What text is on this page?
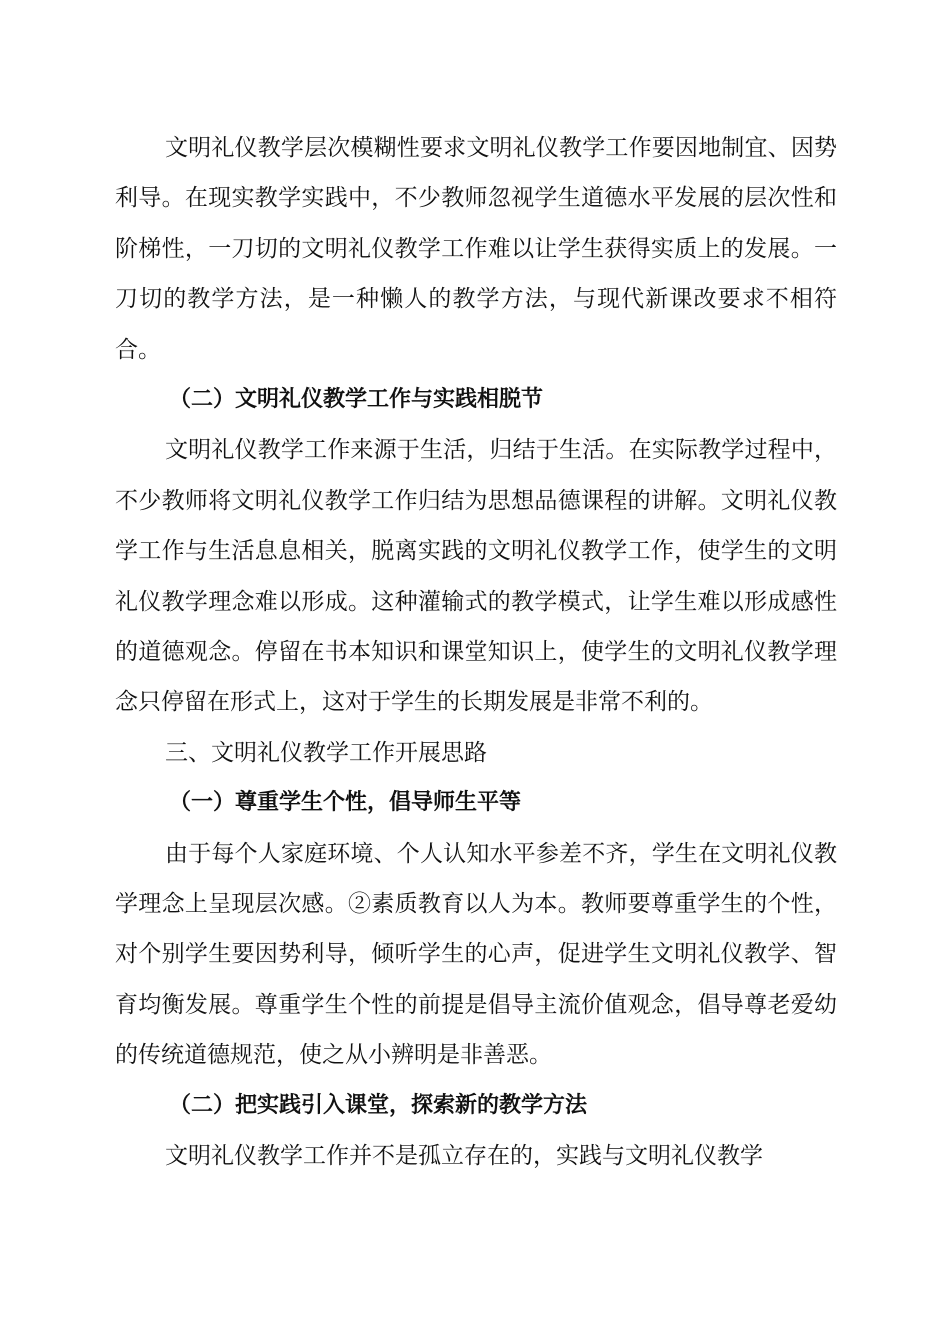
文明礼仪教学层次模糊性要求文明礼仪教学工作要因地制宜、因势利导。在现实教学实践中，不少教师忽视学生道德水平发展的层次性和阶梯性，一刀切的文明礼仪教学工作难以让学生获得实质上的发展。一刀切的教学方法，是一种懒人的教学方法，与现代新课改要求不相符合。

（二）文明礼仪教学工作与实践相脱节

文明礼仪教学工作来源于生活，归结于生活。在实际教学过程中，不少教师将文明礼仪教学工作归结为思想品德课程的讲解。文明礼仪教学工作与生活息息相关，脱离实践的文明礼仪教学工作，使学生的文明礼仪教学理念难以形成。这种灌输式的教学模式，让学生难以形成感性的道德观念。停留在书本知识和课堂知识上，使学生的文明礼仪教学理念只停留在形式上，这对于学生的长期发展是非常不利的。

三、文明礼仪教学工作开展思路

（一）尊重学生个性，倡导师生平等

由于每个人家庭环境、个人认知水平参差不齐，学生在文明礼仪教学理念上呈现层次感。②素质教育以人为本。教师要尊重学生的个性，对个别学生要因势利导，倾听学生的心声，促进学生文明礼仪教学、智育均衡发展。尊重学生个性的前提是倡导主流价值观念，倡导尊老爱幼的传统道德规范，使之从小辨明是非善恶。

（二）把实践引入课堂，探索新的教学方法

文明礼仪教学工作并不是孤立存在的，实践与文明礼仪教学
